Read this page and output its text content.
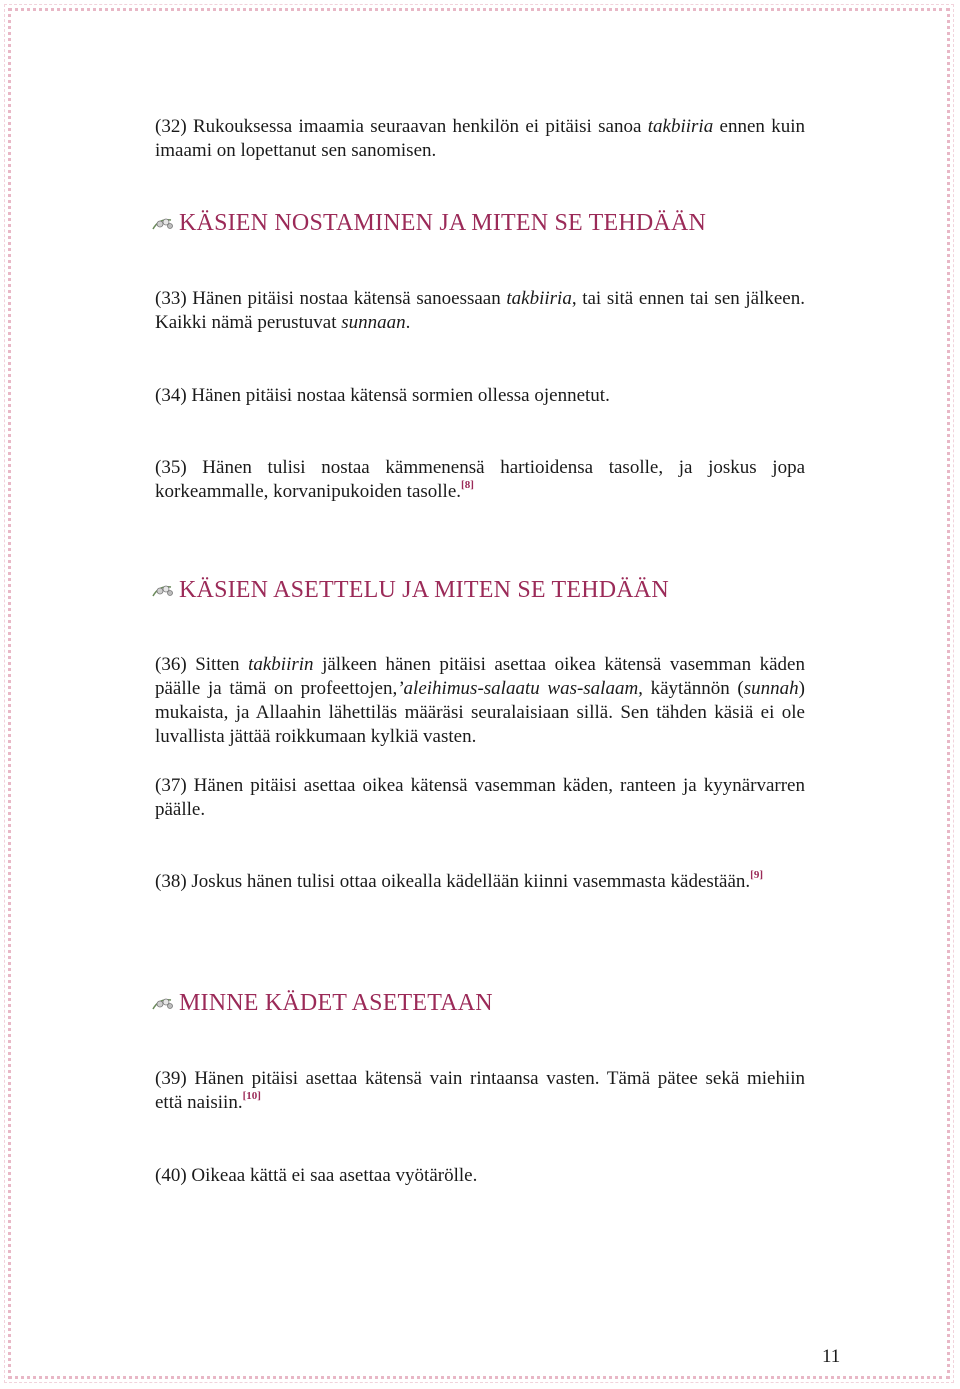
(32) Rukouksessa imaamia seuraavan henkilön ei pitäisi sanoa takbiiria ennen kuin imaami on lopettanut sen sanomisen.

KÄSIEN NOSTAMINEN JA MITEN SE TEHDÄÄN

(33) Hänen pitäisi nostaa kätensä sanoessaan takbiiria, tai sitä ennen tai sen jälkeen. Kaikki nämä perustuvat sunnaan.

(34) Hänen pitäisi nostaa kätensä sormien ollessa ojennetut.

(35) Hänen tulisi nostaa kämmenensä hartioidensa tasolle, ja joskus jopa korkeammalle, korvanipukoiden tasolle.[8]

KÄSIEN ASETTELU JA MITEN SE TEHDÄÄN

(36) Sitten takbiirin jälkeen hänen pitäisi asettaa oikea kätensä vasemman käden päälle ja tämä on profeettojen,’aleihimus-salaatu was-salaam, käytännön (sunnah) mukaista, ja Allaahin lähettiläs määräsi seuralaisiaan sillä. Sen tähden käsiä ei ole luvallista jättää roikkumaan kylkiä vasten.

(37) Hänen pitäisi asettaa oikea kätensä vasemman käden, ranteen ja kyynärvarren päälle.

(38) Joskus hänen tulisi ottaa oikealla kädellään kiinni vasemmasta kädestään.[9]

MINNE KÄDET ASETETAAN

(39) Hänen pitäisi asettaa kätensä vain rintaansa vasten. Tämä pätee sekä miehiin että naisiin.[10]

(40) Oikeaa kättä ei saa asettaa vyötärölle.

11
